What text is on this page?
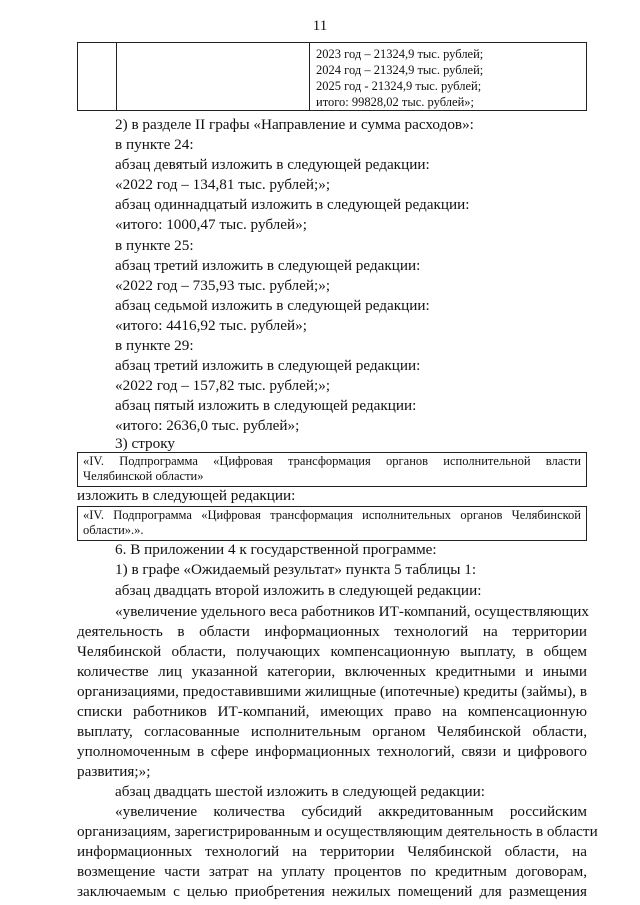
11
2023 год – 21324,9 тыс. рублей;
2024 год – 21324,9 тыс. рублей;
2025 год - 21324,9 тыс. рублей;
итого: 99828,02 тыс. рублей»;
2) в разделе II графы «Направление и сумма расходов»:
в пункте 24:
абзац девятый изложить в следующей редакции:
«2022 год – 134,81 тыс. рублей;»;
абзац одиннадцатый изложить в следующей редакции:
«итого: 1000,47 тыс. рублей»;
в пункте 25:
абзац третий изложить в следующей редакции:
«2022 год – 735,93 тыс. рублей;»;
абзац седьмой изложить в следующей редакции:
«итого: 4416,92 тыс. рублей»;
в пункте 29:
абзац третий изложить в следующей редакции:
«2022 год – 157,82 тыс. рублей;»;
абзац пятый изложить в следующей редакции:
«итого: 2636,0 тыс. рублей»;
3) строку
«IV. Подпрограмма «Цифровая трансформация органов исполнительной власти
Челябинской области»
изложить в следующей редакции:
«IV. Подпрограмма «Цифровая трансформация исполнительных органов Челябинской
области».».
6. В приложении 4 к государственной программе:
1) в графе «Ожидаемый результат» пункта 5 таблицы 1:
абзац двадцать второй изложить в следующей редакции:
«увеличение удельного веса работников ИТ-компаний, осуществляющих
деятельность в области информационных технологий на территории
Челябинской области, получающих компенсационную выплату, в общем
количестве лиц указанной категории, включенных кредитными и иными
организациями, предоставившими жилищные (ипотечные) кредиты (займы), в
списки работников ИТ-компаний, имеющих право на компенсационную
выплату, согласованные исполнительным органом Челябинской области,
уполномоченным в сфере информационных технологий, связи и цифрового
развития;»;
абзац двадцать шестой изложить в следующей редакции:
«увеличение количества субсидий аккредитованным российским
организациям, зарегистрированным и осуществляющим деятельность в области
информационных технологий на территории Челябинской области, на
возмещение части затрат на уплату процентов по кредитным договорам,
заключаемым с целью приобретения нежилых помещений для размещения
